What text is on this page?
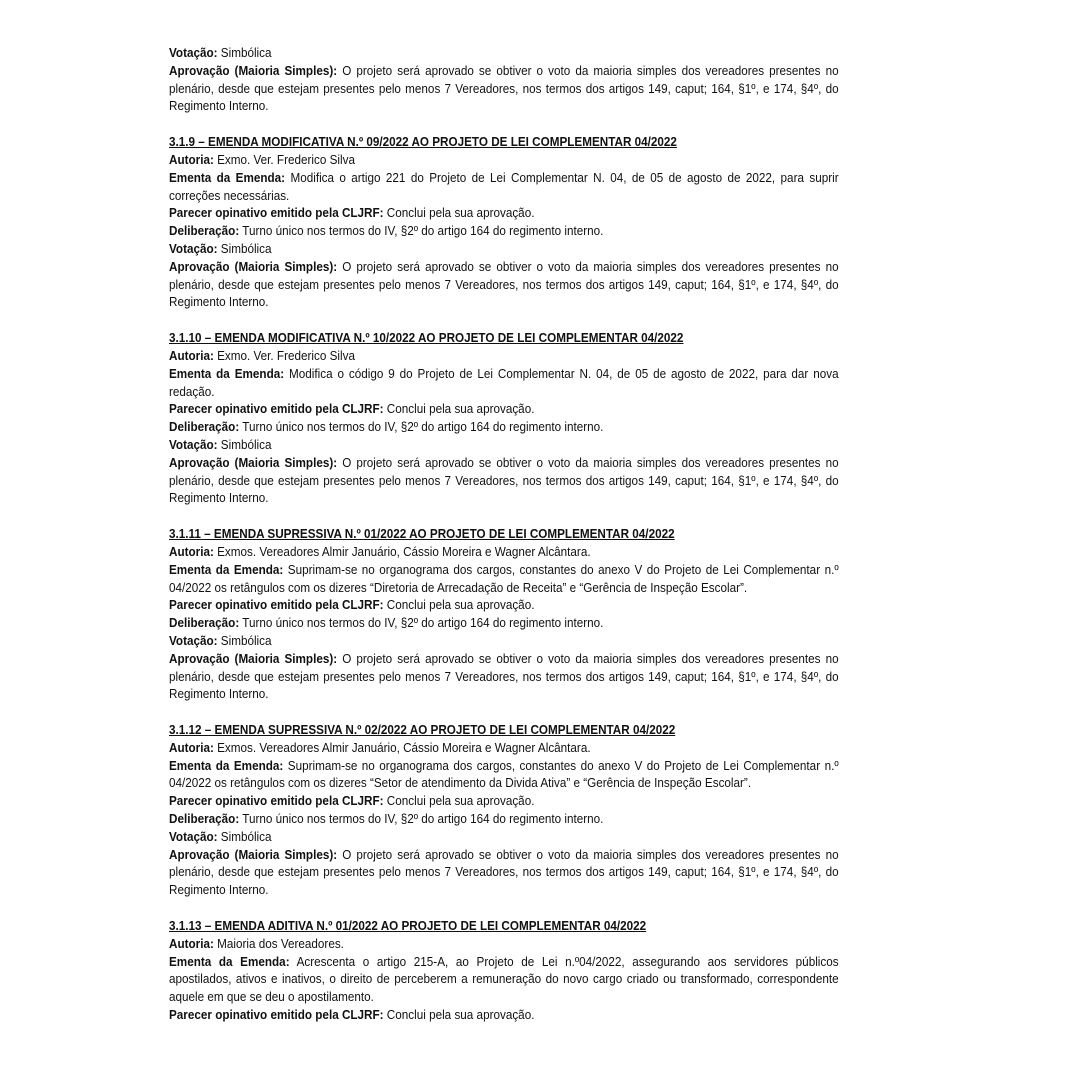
Votação: Simbólica

Aprovação (Maioria Simples): O projeto será aprovado se obtiver o voto da maioria simples dos vereadores presentes no plenário, desde que estejam presentes pelo menos 7 Vereadores, nos termos dos artigos 149, caput; 164, §1º, e 174, §4º, do Regimento Interno.

3.1.9 – EMENDA MODIFICATIVA N.º 09/2022 AO PROJETO DE LEI COMPLEMENTAR 04/2022

Autoria: Exmo. Ver. Frederico Silva

Ementa da Emenda: Modifica o artigo 221 do Projeto de Lei Complementar N. 04, de 05 de agosto de 2022, para suprir correções necessárias.

Parecer opinativo emitido pela CLJRF: Conclui pela sua aprovação.

Deliberação: Turno único nos termos do IV, §2º do artigo 164 do regimento interno.

Votação: Simbólica

Aprovação (Maioria Simples): O projeto será aprovado se obtiver o voto da maioria simples dos vereadores presentes no plenário, desde que estejam presentes pelo menos 7 Vereadores, nos termos dos artigos 149, caput; 164, §1º, e 174, §4º, do Regimento Interno.

3.1.10 – EMENDA MODIFICATIVA N.º 10/2022 AO PROJETO DE LEI COMPLEMENTAR 04/2022

Autoria: Exmo. Ver. Frederico Silva

Ementa da Emenda: Modifica o código 9 do Projeto de Lei Complementar N. 04, de 05 de agosto de 2022, para dar nova redação.

Parecer opinativo emitido pela CLJRF: Conclui pela sua aprovação.

Deliberação: Turno único nos termos do IV, §2º do artigo 164 do regimento interno.

Votação: Simbólica

Aprovação (Maioria Simples): O projeto será aprovado se obtiver o voto da maioria simples dos vereadores presentes no plenário, desde que estejam presentes pelo menos 7 Vereadores, nos termos dos artigos 149, caput; 164, §1º, e 174, §4º, do Regimento Interno.

3.1.11 – EMENDA SUPRESSIVA N.º 01/2022 AO PROJETO DE LEI COMPLEMENTAR 04/2022

Autoria: Exmos. Vereadores Almir Januário, Cássio Moreira e Wagner Alcântara.

Ementa da Emenda: Suprimam-se no organograma dos cargos, constantes do anexo V do Projeto de Lei Complementar n.º 04/2022 os retângulos com os dizeres “Diretoria de Arrecadação de Receita” e “Gerência de Inspeção Escolar”.

Parecer opinativo emitido pela CLJRF: Conclui pela sua aprovação.

Deliberação: Turno único nos termos do IV, §2º do artigo 164 do regimento interno.

Votação: Simbólica

Aprovação (Maioria Simples): O projeto será aprovado se obtiver o voto da maioria simples dos vereadores presentes no plenário, desde que estejam presentes pelo menos 7 Vereadores, nos termos dos artigos 149, caput; 164, §1º, e 174, §4º, do Regimento Interno.

3.1.12 – EMENDA SUPRESSIVA N.º 02/2022 AO PROJETO DE LEI COMPLEMENTAR 04/2022

Autoria: Exmos. Vereadores Almir Januário, Cássio Moreira e Wagner Alcântara.

Ementa da Emenda: Suprimam-se no organograma dos cargos, constantes do anexo V do Projeto de Lei Complementar n.º 04/2022 os retângulos com os dizeres “Setor de atendimento da Divida Ativa” e “Gerência de Inspeção Escolar”.

Parecer opinativo emitido pela CLJRF: Conclui pela sua aprovação.

Deliberação: Turno único nos termos do IV, §2º do artigo 164 do regimento interno.

Votação: Simbólica

Aprovação (Maioria Simples): O projeto será aprovado se obtiver o voto da maioria simples dos vereadores presentes no plenário, desde que estejam presentes pelo menos 7 Vereadores, nos termos dos artigos 149, caput; 164, §1º, e 174, §4º, do Regimento Interno.

3.1.13 – EMENDA ADITIVA N.º 01/2022 AO PROJETO DE LEI COMPLEMENTAR 04/2022

Autoria: Maioria dos Vereadores.

Ementa da Emenda: Acrescenta o artigo 215-A, ao Projeto de Lei n.º04/2022, assegurando aos servidores públicos apostilados, ativos e inativos, o direito de perceberem a remuneração do novo cargo criado ou transformado, correspondente aquele em que se deu o apostilamento.

Parecer opinativo emitido pela CLJRF: Conclui pela sua aprovação.
